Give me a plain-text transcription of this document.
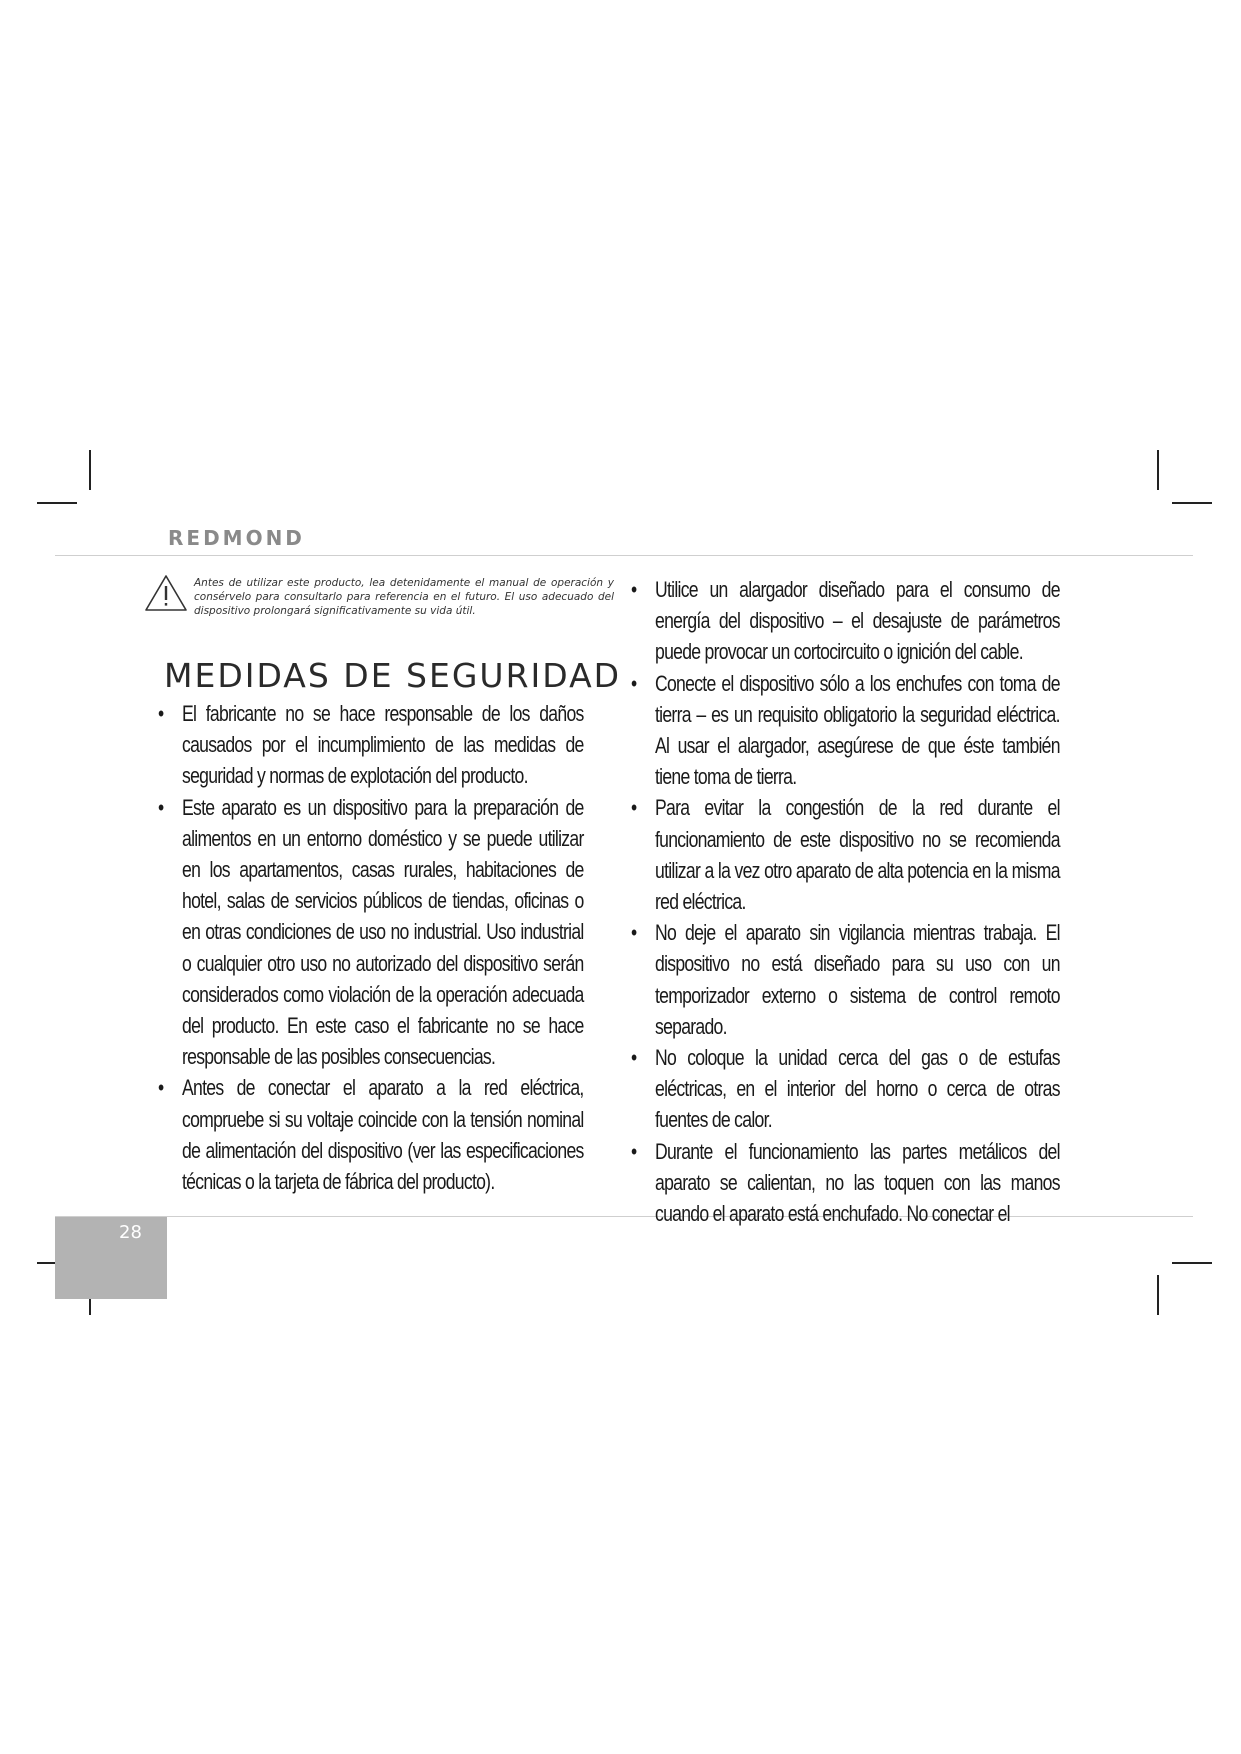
REDMOND
Antes de utilizar este producto, lea detenidamente el manual de operación y consérvelo para consultarlo para referencia en el futuro. El uso adecuado del dispositivo prolongará significativamente su vida útil.
MEDIDAS DE SEGURIDAD
• El fabricante no se hace responsable de los daños causados por el incumplimiento de las medidas de seguridad y normas de explotación del producto.
• Este aparato es un dispositivo para la preparación de alimentos en un entorno doméstico y se puede utilizar en los apartamentos, casas rurales, habitaciones de hotel, salas de servicios públicos de tiendas, oficinas o en otras condiciones de uso no industrial. Uso industrial o cualquier otro uso no autorizado del dispositivo serán considerados como violación de la operación adecuada del producto. En este caso el fabricante no se hace responsable de las posibles consecuencias.
• Antes de conectar el aparato a la red eléctrica, compruebe si su voltaje coincide con la tensión nominal de alimentación del dispositivo (ver las especificaciones técnicas o la tarjeta de fábrica del producto).
• Utilice un alargador diseñado para el consumo de energía del dispositivo – el desajuste de parámetros puede provocar un cortocircuito o ignición del cable.
• Conecte el dispositivo sólo a los enchufes con toma de tierra – es un requisito obligatorio la seguridad eléctrica. Al usar el alargador, asegúrese de que éste también tiene toma de tierra.
• Para evitar la congestión de la red durante el funcionamiento de este dispositivo no se recomienda utilizar a la vez otro aparato de alta potencia en la misma red eléctrica.
• No deje el aparato sin vigilancia mientras trabaja. El dispositivo no está diseñado para su uso con un temporizador externo o sistema de control remoto separado.
• No coloque la unidad cerca del gas o de estufas eléctricas, en el interior del horno o cerca de otras fuentes de calor.
• Durante el funcionamiento las partes metálicos del aparato se calientan, no las toquen con las manos cuando el aparato está enchufado. No conectar el
28
